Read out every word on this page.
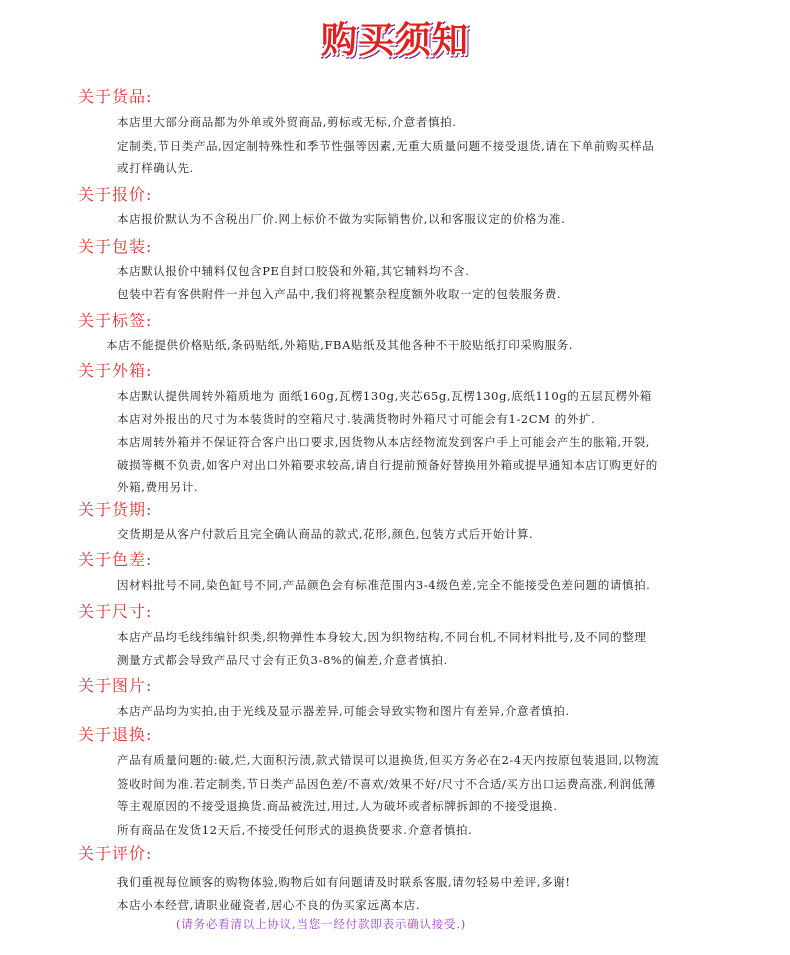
购买须知
关于货品:
本店里大部分商品都为外单或外贸商品,剪标或无标,介意者慎拍.
定制类,节日类产品,因定制特殊性和季节性强等因素,无重大质量问题不接受退货,请在下单前购买样品
或打样确认先.
关于报价:
本店报价默认为不含税出厂价.网上标价不做为实际销售价,以和客服议定的价格为准.
关于包装:
本店默认报价中辅料仅包含PE自封口胶袋和外箱,其它辅料均不含.
包装中若有客供附件一并包入产品中,我们将视繁杂程度额外收取一定的包装服务费.
关于标签:
本店不能提供价格贴纸,条码贴纸,外箱贴,FBA贴纸及其他各种不干胶贴纸打印采购服务.
关于外箱:
本店默认提供周转外箱质地为 面纸160g,瓦楞130g,夹芯65g,瓦楞130g,底纸110g的五层瓦楞外箱
本店对外报出的尺寸为本装货时的空箱尺寸.装满货物时外箱尺寸可能会有1-2CM 的外扩.
本店周转外箱并不保证符合客户出口要求,因货物从本店经物流发到客户手上可能会产生的胀箱,开裂,
破损等概不负责,如客户对出口外箱要求较高,请自行提前预备好替换用外箱或提早通知本店订购更好的
外箱,费用另计.
关于货期:
交货期是从客户付款后且完全确认商品的款式,花形,颜色,包装方式后开始计算.
关于色差:
因材料批号不同,染色缸号不同,产品颜色会有标准范围内3-4级色差,完全不能接受色差问题的请慎拍.
关于尺寸:
本店产品均毛线纬编针织类,织物弹性本身较大,因为织物结构,不同台机,不同材料批号,及不同的整理
测量方式都会导致产品尺寸会有正负3-8%的偏差,介意者慎拍.
关于图片:
本店产品均为实拍,由于光线及显示器差异,可能会导致实物和图片有差异,介意者慎拍.
关于退换:
产品有质量问题的:破,烂,大面积污渍,款式错误可以退换货,但买方务必在2-4天内按原包装退回,以物流
签收时间为准.若定制类,节日类产品因色差/不喜欢/效果不好/尺寸不合适/买方出口运费高涨,利润低薄
等主观原因的不接受退换货.商品被洗过,用过,人为破坏或者标牌拆卸的不接受退换.
所有商品在发货12天后,不接受任何形式的退换货要求.介意者慎拍.
关于评价:
我们重视每位顾客的购物体验,购物后如有问题请及时联系客服,请勿轻易中差评,多谢!
本店小本经营,请职业碰瓷者,居心不良的伪买家远离本店.
(请务必看清以上协议,当您一经付款即表示确认接受.)
